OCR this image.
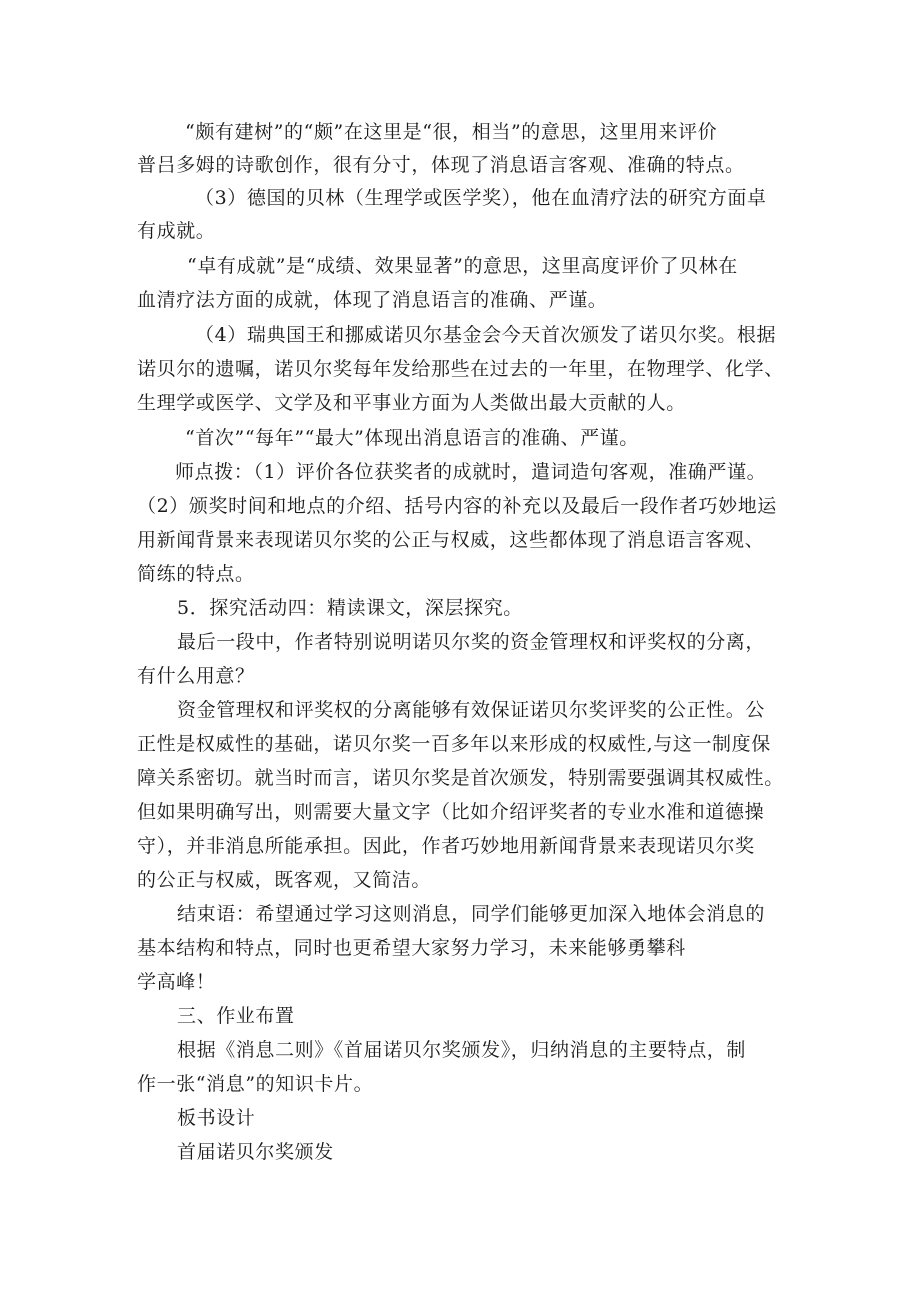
“颇有建树”的“颇”在这里是“很，相当”的意思，这里用来评价
普吕多姆的诗歌创作，很有分寸，体现了消息语言客观、准确的特点。
（3）德国的贝林（生理学或医学奖），他在血清疗法的研究方面卓
有成就。
“卓有成就”是“成绩、效果显著”的意思，这里高度评价了贝林在
血清疗法方面的成就，体现了消息语言的准确、严谨。
（4）瑞典国王和挪威诺贝尔基金会今天首次颁发了诺贝尔奖。根据
诺贝尔的遗嘱，诺贝尔奖每年发给那些在过去的一年里，在物理学、化学、
生理学或医学、文学及和平事业方面为人类做出最大贡献的人。
“首次”“每年”“最大”体现出消息语言的准确、严谨。
师点拨：（1）评价各位获奖者的成就时，遣词造句客观，准确严谨。
（2）颁奖时间和地点的介绍、括号内容的补充以及最后一段作者巧妙地运
用新闻背景来表现诺贝尔奖的公正与权威，这些都体现了消息语言客观、
简练的特点。
5．探究活动四：精读课文，深层探究。
最后一段中，作者特别说明诺贝尔奖的资金管理权和评奖权的分离，
有什么用意？
资金管理权和评奖权的分离能够有效保证诺贝尔奖评奖的公正性。公
正性是权威性的基础，诺贝尔奖一百多年以来形成的权威性,与这一制度保
障关系密切。就当时而言，诺贝尔奖是首次颁发，特别需要强调其权威性。
但如果明确写出，则需要大量文字（比如介绍评奖者的专业水准和道德操
守），并非消息所能承担。因此，作者巧妙地用新闻背景来表现诺贝尔奖
的公正与权威，既客观，又简洁。
结束语：希望通过学习这则消息，同学们能够更加深入地体会消息的
基本结构和特点，同时也更希望大家努力学习，未来能够勇攀科
学高峰！
三、作业布置
根据《消息二则》《首届诺贝尔奖颁发》，归纳消息的主要特点，制
作一张“消息”的知识卡片。
板书设计
首届诺贝尔奖颁发
